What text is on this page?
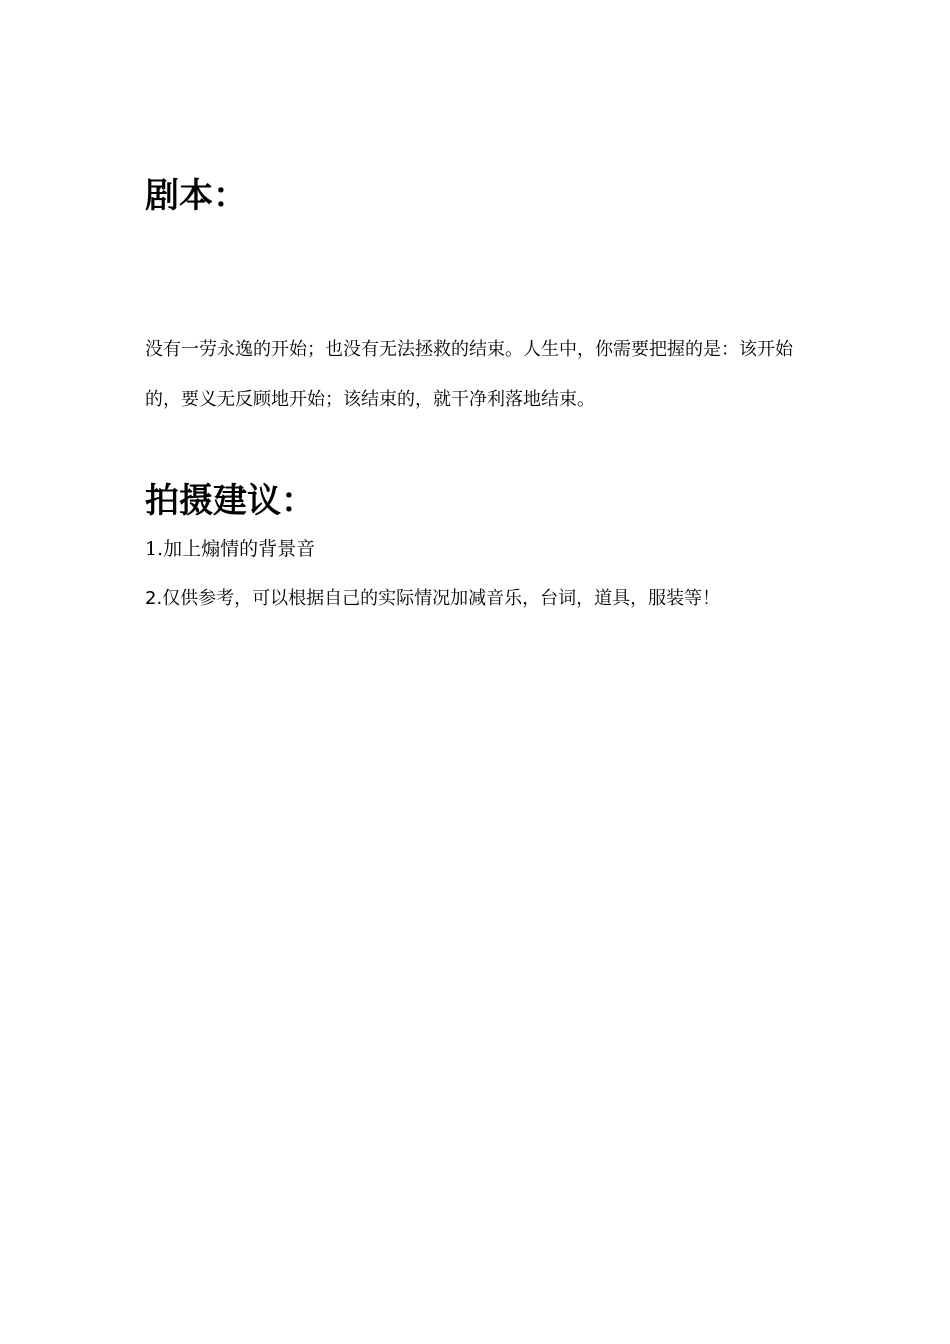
剧本：

没有一劳永逸的开始；也没有无法拯救的结束。人生中，你需要把握的是：该开始的，要义无反顾地开始；该结束的，就干净利落地结束。

拍摄建议：

1.加上煽情的背景音

2.仅供参考，可以根据自己的实际情况加减音乐，台词，道具，服装等！
